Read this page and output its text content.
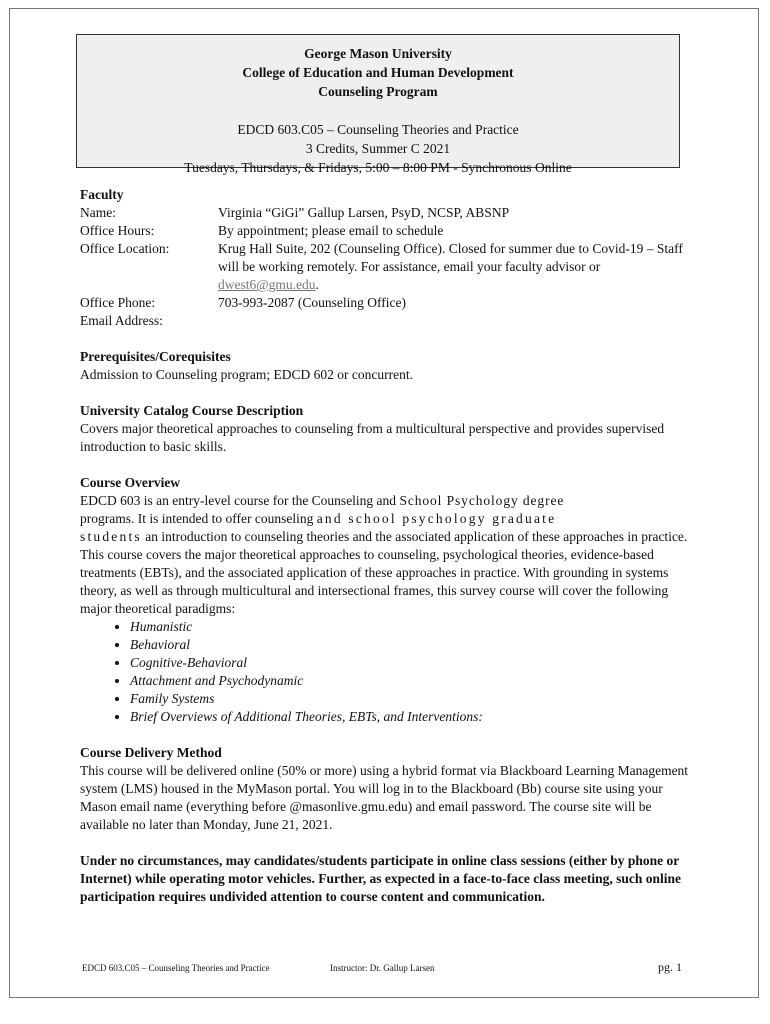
George Mason University
College of Education and Human Development
Counseling Program
EDCD 603.C05 – Counseling Theories and Practice
3 Credits, Summer C 2021
Tuesdays, Thursdays, & Fridays, 5:00 – 8:00 PM - Synchronous Online
Faculty
Name:	Virginia “GiGi” Gallup Larsen, PsyD, NCSP, ABSNP
Office Hours:	By appointment; please email to schedule
Office Location:	Krug Hall Suite, 202 (Counseling Office). Closed for summer due to Covid-19 – Staff will be working remotely. For assistance, email your faculty advisor or dwest6@gmu.edu.
Office Phone:	703-993-2087 (Counseling Office)
Email Address:
Prerequisites/Corequisites
Admission to Counseling program; EDCD 602 or concurrent.
University Catalog Course Description
Covers major theoretical approaches to counseling from a multicultural perspective and provides supervised introduction to basic skills.
Course Overview
EDCD 603 is an entry-level course for the Counseling and School Psychology degree
programs. It is intended to offer counseling and school psychology graduate
students an introduction to counseling theories and the associated application of these approaches in practice. This course covers the major theoretical approaches to counseling, psychological theories, evidence-based treatments (EBTs), and the associated application of these approaches in practice. With grounding in systems theory, as well as through multicultural and intersectional frames, this survey course will cover the following major theoretical paradigms:
• Humanistic
• Behavioral
• Cognitive-Behavioral
• Attachment and Psychodynamic
• Family Systems
• Brief Overviews of Additional Theories, EBTs, and Interventions:
Course Delivery Method
This course will be delivered online (50% or more) using a hybrid format via Blackboard Learning Management system (LMS) housed in the MyMason portal. You will log in to the Blackboard (Bb) course site using your Mason email name (everything before @masonlive.gmu.edu) and email password. The course site will be available no later than Monday, June 21, 2021.
Under no circumstances, may candidates/students participate in online class sessions (either by phone or Internet) while operating motor vehicles. Further, as expected in a face-to-face class meeting, such online participation requires undivided attention to course content and communication.
EDCD 603.C05 – Counseling Theories and Practice	Instructor: Dr. Gallup Larsen	pg. 1
